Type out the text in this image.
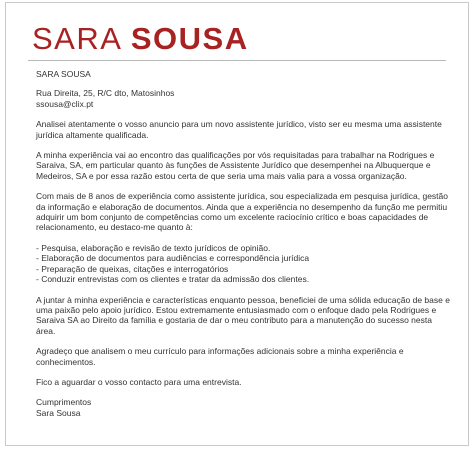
SARA SOUSA

SARA SOUSA

Rua Direita, 25, R/C dto, Matosinhos

ssousa@clix.pt

Analisei atentamente o vosso anuncio para um novo assistente jurídico, visto ser eu mesma uma assistente jurídica altamente qualificada.

A minha experiência vai ao encontro das qualificações por vós requisitadas para trabalhar na Rodrigues e Saraiva, SA, em particular quanto às funções de Assistente Jurídico que desempenhei na Albuquerque e Medeiros, SA e por essa razão estou certa de que seria uma mais valia para a vossa organização.

Com mais de 8 anos de experiência como assistente jurídica, sou especializada em pesquisa jurídica, gestão da informação e elaboração de documentos. Ainda que a experiência no desempenho da função me permitiu adquirir um bom conjunto de competências como um excelente raciocínio crítico e boas capacidades de relacionamento, eu destaco-me quanto à:

- Pesquisa, elaboração e revisão de texto jurídicos de opinião.
- Elaboração de documentos para audiências e correspondência jurídica
- Preparação de queixas, citações e interrogatórios
- Conduzir entrevistas com os clientes e tratar da admissão dos clientes.

A juntar à minha experiência e características enquanto pessoa, beneficiei de uma sólida educação de base e uma paixão pelo apoio jurídico. Estou extremamente entusiasmado com o enfoque dado pela Rodrigues e Saraiva SA ao Direito da família e gostaria de dar o meu contributo para a manutenção do sucesso nesta área.

Agradeço que analisem o meu currículo para informações adicionais sobre a minha experiência e conhecimentos.

Fico a aguardar o vosso contacto para uma entrevista.

Cumprimentos

Sara Sousa
